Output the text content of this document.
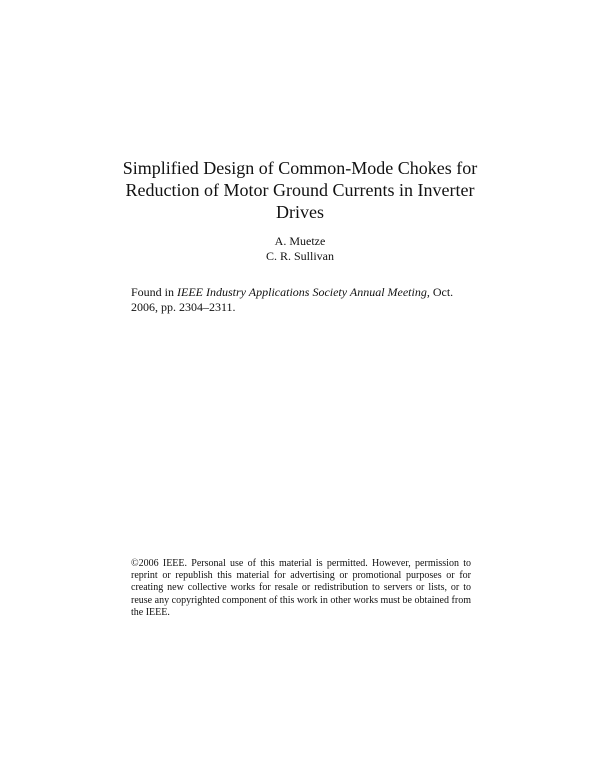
Simplified Design of Common-Mode Chokes for Reduction of Motor Ground Currents in Inverter Drives
A. Muetze
C. R. Sullivan
Found in IEEE Industry Applications Society Annual Meeting, Oct. 2006, pp. 2304–2311.
©2006 IEEE. Personal use of this material is permitted. However, permission to reprint or republish this material for advertising or promotional purposes or for creating new collective works for resale or redistribution to servers or lists, or to reuse any copyrighted component of this work in other works must be obtained from the IEEE.
